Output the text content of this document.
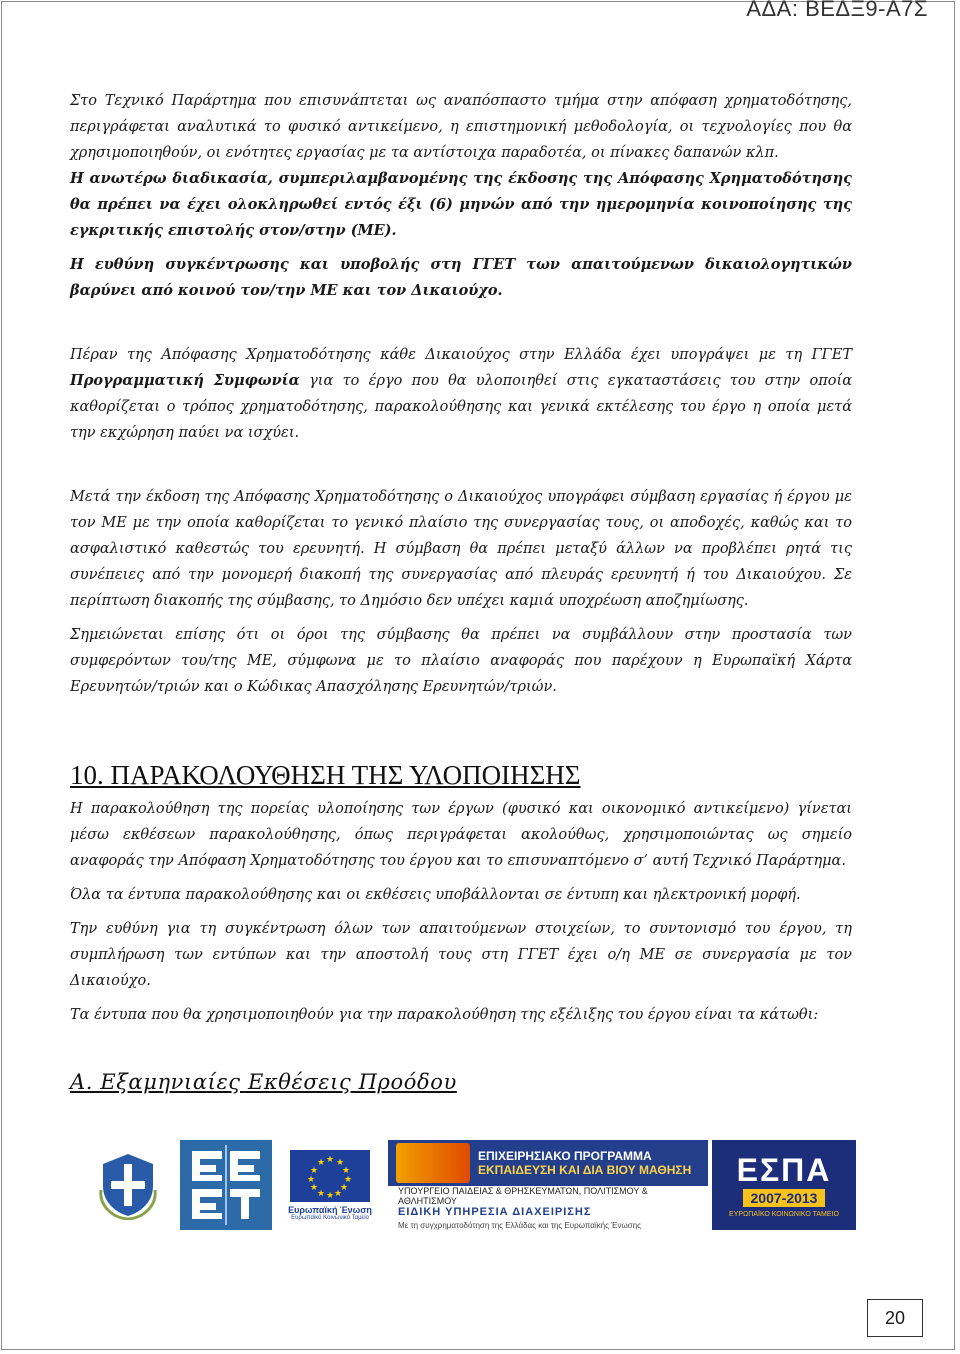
ΑΔΑ: ΒΕΔΞ9-Α7Σ

Στο Τεχνικό Παράρτημα που επισυνάπτεται ως αναπόσπαστο τμήμα στην απόφαση χρηματοδότησης, περιγράφεται αναλυτικά το φυσικό αντικείμενο, η επιστημονική μεθοδολογία, οι τεχνολογίες που θα χρησιμοποιηθούν, οι ενότητες εργασίας με τα αντίστοιχα παραδοτέα, οι πίνακες δαπανών κλπ.

Η ανωτέρω διαδικασία, συμπεριλαμβανομένης της έκδοσης της Απόφασης Χρηματοδότησης θα πρέπει να έχει ολοκληρωθεί εντός έξι (6) μηνών από την ημερομηνία κοινοποίησης της εγκριτικής επιστολής στον/στην (ΜΕ).

Η ευθύνη συγκέντρωσης και υποβολής στη ΓΓΕΤ των απαιτούμενων δικαιολογητικών βαρύνει από κοινού τον/την ΜΕ και τον Δικαιούχο.

Πέραν της Απόφασης Χρηματοδότησης κάθε Δικαιούχος στην Ελλάδα έχει υπογράψει με τη ΓΓΕΤ Προγραμματική Συμφωνία για το έργο που θα υλοποιηθεί στις εγκαταστάσεις του στην οποία καθορίζεται ο τρόπος χρηματοδότησης, παρακολούθησης και γενικά εκτέλεσης του έργο η οποία μετά την εκχώρηση παύει να ισχύει.

Μετά την έκδοση της Απόφασης Χρηματοδότησης ο Δικαιούχος υπογράφει σύμβαση εργασίας ή έργου με τον ΜΕ με την οποία καθορίζεται το γενικό πλαίσιο της συνεργασίας τους, οι αποδοχές, καθώς και το ασφαλιστικό καθεστώς του ερευνητή. Η σύμβαση θα πρέπει μεταξύ άλλων να προβλέπει ρητά τις συνέπειες από την μονομερή διακοπή της συνεργασίας από πλευράς ερευνητή ή του Δικαιούχου. Σε περίπτωση διακοπής της σύμβασης, το Δημόσιο δεν υπέχει καμιά υποχρέωση αποζημίωσης.

Σημειώνεται επίσης ότι οι όροι της σύμβασης θα πρέπει να συμβάλλουν στην προστασία των συμφερόντων του/της ΜΕ, σύμφωνα με το πλαίσιο αναφοράς που παρέχουν η Ευρωπαϊκή Χάρτα Ερευνητών/τριών και ο Κώδικας Απασχόλησης Ερευνητών/τριών.

10. ΠΑΡΑΚΟΛΟΥΘΗΣΗ ΤΗΣ ΥΛΟΠΟΙΗΣΗΣ

Η παρακολούθηση της πορείας υλοποίησης των έργων (φυσικό και οικονομικό αντικείμενο) γίνεται μέσω εκθέσεων παρακολούθησης, όπως περιγράφεται ακολούθως, χρησιμοποιώντας ως σημείο αναφοράς την Απόφαση Χρηματοδότησης του έργου και το επισυναπτόμενο σ’ αυτή Τεχνικό Παράρτημα.

Όλα τα έντυπα παρακολούθησης και οι εκθέσεις υποβάλλονται σε έντυπη και ηλεκτρονική μορφή.

Την ευθύνη για τη συγκέντρωση όλων των απαιτούμενων στοιχείων, το συντονισμό του έργου, τη συμπλήρωση των εντύπων και την αποστολή τους στη ΓΓΕΤ έχει ο/η ΜΕ σε συνεργασία με τον Δικαιούχο.

Τα έντυπα που θα χρησιμοποιηθούν για την παρακολούθηση της εξέλιξης του έργου είναι τα κάτωθι:

Α. Εξαμηνιαίες Εκθέσεις Προόδου
★ ★
★
★
★
★
★
★
★
★
★
★
Ευρωπαϊκή Ένωση
Ευρωπαϊκό Κοινωνικό Ταμείο
ΕΠΙΧΕΙΡΗΣΙΑΚΟ ΠΡΟΓΡΑΜΜΑ
ΕΚΠΑΙΔΕΥΣΗ ΚΑΙ ΔΙΑ ΒΙΟΥ ΜΑΘΗΣΗ
ΥΠΟΥΡΓΕΙΟ ΠΑΙΔΕΙΑΣ & ΘΡΗΣΚΕΥΜΑΤΩΝ, ΠΟΛΙΤΙΣΜΟΥ & ΑΘΛΗΤΙΣΜΟΥ
ΕΙΔΙΚΗ ΥΠΗΡΕΣΙΑ ΔΙΑΧΕΙΡΙΣΗΣ
Με τη συγχρηματοδότηση της Ελλάδας και της Ευρωπαϊκής Ένωσης
ΕΣΠΑ
2007-2013
ΕΥΡΩΠΑΪΚΟ ΚΟΙΝΩΝΙΚΟ ΤΑΜΕΙΟ
20
